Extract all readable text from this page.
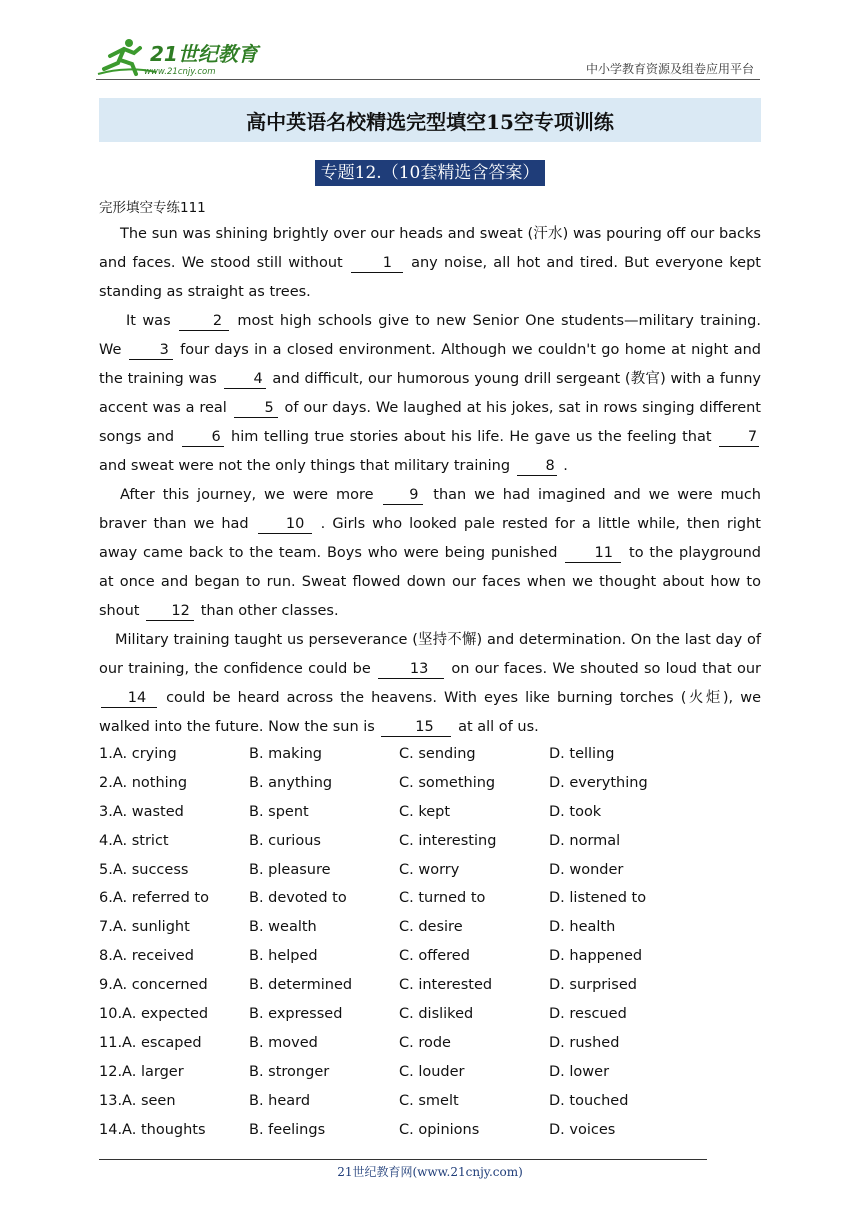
21世纪教育
www.21cnjy.com	中小学教育资源及组卷应用平台
高中英语名校精选完型填空15空专项训练
专题12.（10套精选含答案）
完形填空专练111

The sun was shining brightly over our heads and sweat (汗水) was pouring off our backs and faces. We stood still without 1 any noise, all hot and tired. But everyone kept standing as straight as trees.

It was 2 most high schools give to new Senior One students—military training. We 3 four days in a closed environment. Although we couldn't go home at night and the training was 4 and difficult, our humorous young drill sergeant (教官) with a funny accent was a real 5 of our days. We laughed at his jokes, sat in rows singing different songs and 6 him telling true stories about his life. He gave us the feeling that 7 and sweat were not the only things that military training 8 .

After this journey, we were more 9 than we had imagined and we were much braver than we had 10 . Girls who looked pale rested for a little while, then right away came back to the team. Boys who were being punished 11 to the playground at once and began to run. Sweat flowed down our faces when we thought about how to shout 12 than other classes.

Military training taught us perseverance (坚持不懈) and determination. On the last day of our training, the confidence could be 13 on our faces. We shouted so loud that our 14 could be heard across the heavens. With eyes like burning torches (火炬), we walked into the future. Now the sun is 15 at all of us.

1.A. crying	B. making	C. sending	D. telling
2.A. nothing	B. anything	C. something	D. everything
3.A. wasted	B. spent	C. kept	D. took
4.A. strict	B. curious	C. interesting	D. normal
5.A. success	B. pleasure	C. worry	D. wonder
6.A. referred to	B. devoted to	C. turned to	D. listened to
7.A. sunlight	B. wealth	C. desire	D. health
8.A. received	B. helped	C. offered	D. happened
9.A. concerned	B. determined	C. interested	D. surprised
10.A. expected	B. expressed	C. disliked	D. rescued
11.A. escaped	B. moved	C. rode	D. rushed
12.A. larger	B. stronger	C. louder	D. lower
13.A. seen	B. heard	C. smelt	D. touched
14.A. thoughts	B. feelings	C. opinions	D. voices
21世纪教育网(www.21cnjy.com)
